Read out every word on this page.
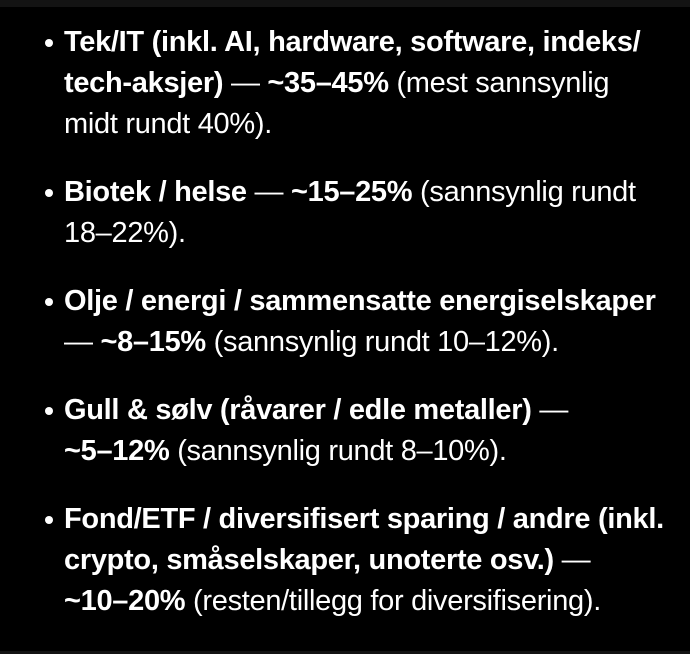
Tek/IT (inkl. AI, hardware, software, indeks/
tech-aksjer) — ~35–45% (mest sannsynlig
midt rundt 40%).
Biotek / helse — ~15–25% (sannsynlig rundt
18–22%).
Olje / energi / sammensatte energiselskaper
— ~8–15% (sannsynlig rundt 10–12%).
Gull & sølv (råvarer / edle metaller) —
~5–12% (sannsynlig rundt 8–10%).
Fond/ETF / diversifisert sparing / andre (inkl.
crypto, småselskaper, unoterte osv.) —
~10–20% (resten/tillegg for diversifisering).
